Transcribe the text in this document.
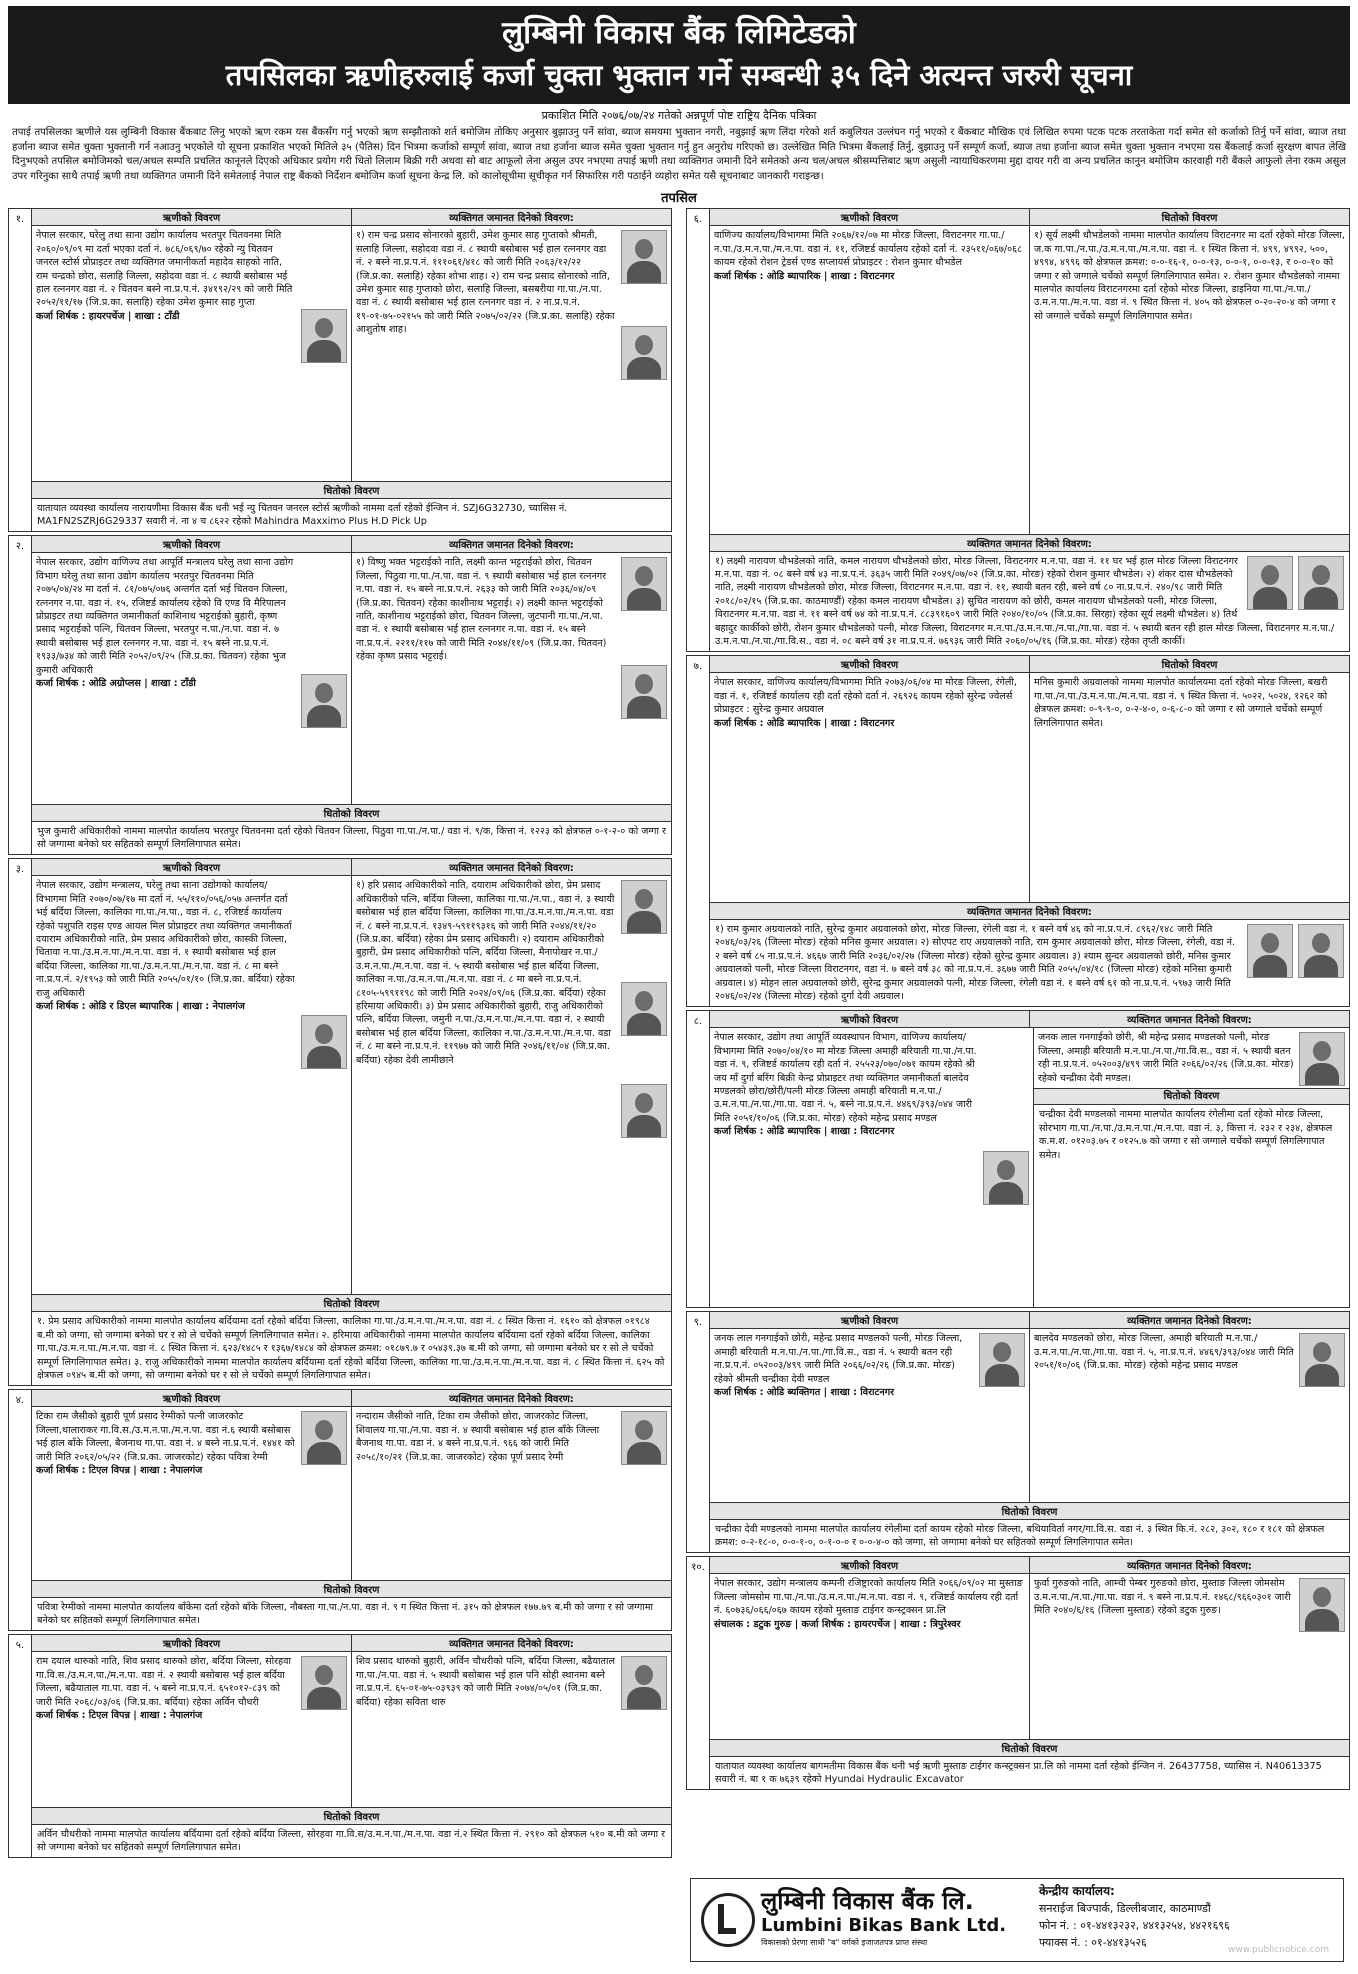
लुम्बिनी विकास बैंक लिमिटेडको
तपसिलका ऋणीहरुलाई कर्जा चुक्ता भुक्तान गर्ने सम्बन्धी ३५ दिने अत्यन्त जरुरी सूचना
प्रकाशित मिति २०७६/०७/२४ गतेको अन्नपूर्ण पोष्ट राष्ट्रिय दैनिक पत्रिका
तपाई तपसिलका ऋणीले यस लुम्बिनी विकास बैंकबाट लिनु भएको ऋण रकम यस बैंकसँग गर्नु भएको ऋण सम्झौताको शर्त बमोजिम तोकिए अनुसार बुझाउनु पर्ने सांवा, ब्याज समयमा भुक्तान नगरी, नबुझाई ऋण लिंदा गरेको शर्त कबुलियत उल्लंघन गर्नु भएको र बैंकबाट मौखिक एवं लिखित रुपमा पटक पटक तरताकेता गर्दा समेत सो कर्जाको तिर्नु पर्ने सांवा, ब्याज तथा हर्जाना ब्याज समेत चुक्ता भुक्तानी गर्न नआउनु भएकोले यो सूचना प्रकाशित भएको मितिले ३५ (पैतिस) दिन भित्रमा कर्जाको सम्पूर्ण सांवा, ब्याज तथा हर्जाना ब्याज समेत चुक्ता भुक्तान गर्नु हुन अनुरोध गरिएको छ। उल्लेखित मिति भित्रमा बैंकलाई तिर्नु, बुझाउनु पर्ने सम्पूर्ण कर्जा, ब्याज तथा हर्जाना ब्याज समेत चुक्ता भुक्तान नभएमा यस बैंकलाई कर्जा सुरक्षण बापत लेखि दिनुभएको तपसिल बमोजिमको चल/अचल सम्पति प्रचलित कानूनले दिएको अधिकार प्रयोग गरी धितो लिलाम बिक्री गरी अथवा सो बाट आफूलो लेना असुल उपर नभएमा तपाई ऋणी तथा व्यक्तिगत जमानी दिने समेतको अन्य चल/अचल श्रीसम्पत्तिबाट ऋण असुली न्यायाधिकरणमा मुद्दा दायर गरी वा अन्य प्रचलित कानुन बमोजिम कारवाही गरी बैंकले आफुलो लेना रकम असुल उपर गरिनुका साथै तपाई ऋणी तथा व्यक्तिगत जमानी दिने समेतलाई नेपाल राष्ट्र बैंकको निर्देशन बमोजिम कर्जा सूचना केन्द्र लि. को कालोसूचीमा सूचीकृत गर्न सिफारिस गरी पठाईने व्यहोरा समेत यसै सूचनाबाट जानकारी गराइन्छ।
तपसिल
१.	ऋणीको विवरण	व्यक्तिगत जमानत दिनेको विवरण:
नेपाल सरकार, घरेलु तथा साना उद्योग कार्यालय भरतपुर चितवनमा मिति २०६०/०९/०९ मा दर्ता भएका दर्ता नं. ७८६/०६९/७० रहेको न्यु चितवन जनरल स्टोर्स प्रोप्राइटर तथा व्यक्तिगत जमानीकर्ता महादेव साहको नाति, राम चन्द्रको छोरा, सलाहि जिल्ला, सहोदवा वडा नं. ८ स्थायी बसोबास भई हाल रत्ननगर वडा नं. २ चितवन बस्ने ना.प्र.प.नं. ३४१९२/२९ को जारी मिति २०५२/११/१७ (जि.प्र.का. सलाहि) रहेका उमेश कुमार साह गुप्ता
कर्जा शिर्षक : हायरपर्चेज | शाखा : टाँडी
१) राम चन्द्र प्रसाद सोनारको बुहारी, उमेश कुमार साह गुप्ताको श्रीमती, सलाहि जिल्ला, सहोदवा वडा नं. ८ स्थायी बसोबास भई हाल रत्ननगर वडा नं. २ बस्ने ना.प्र.प.नं. १११०६१/४१८ को जारी मिति २०६३/१२/२२ (जि.प्र.का. सलाहि) रहेका शोभा शाह। २) राम चन्द्र प्रसाद सोनारको नाति, उमेश कुमार साह गुप्ताको छोरा, सलाहि जिल्ला, बसबरीया गा.पा./न.पा. वडा नं. ८ स्थायी बसोबास भई हाल रत्ननगर वडा नं. २ ना.प्र.प.नं. १९-०१-७५-०२१५५ को जारी मिति २०७५/०२/२२ (जि.प्र.का. सलाहि) रहेका आशुतोष शाह।
धितोको विवरण
यातायात व्यवस्था कार्यालय नारायणीमा विकास बैंक धनी भई न्यु चितवन जनरल स्टोर्स ऋणीको नाममा दर्ता रहेको ईन्जिन नं. SZJ6G32730, च्यासिस नं. MA1FN2SZRJ6G29337 सवारी नं. ना ४ च ८६२२ रहेको Mahindra Maxximo Plus H.D Pick Up
२.	ऋणीको विवरण	व्यक्तिगत जमानत दिनेको विवरण:
नेपाल सरकार, उद्योग वाणिज्य तथा आपूर्ति मन्त्रालय घरेलु तथा साना उद्योग विभाग घरेलु तथा साना उद्योग कार्यालय भरतपुर चितवनमा मिति २०७५/०४/२४ मा दर्ता नं. ८१/०७५/०७६ अन्तर्गत दर्ता भई चितवन जिल्ला, रत्ननगर न.पा. वडा नं. १५, रजिष्टर्ड कार्यालय रहेको वि एण्ड वि मैरिपालन प्रोप्राइटर तथा व्यक्तिगत जमानीकर्ता काशिनाथ भट्टराईको बुहारी, कृष्ण प्रसाद भट्टराईको पत्नि, चितवन जिल्ला, भरतपुर न.पा./न.पा. वडा नं. ७ स्थायी बसोबास भई हाल रत्ननगर न.पा. वडा नं. १५ बस्ने ना.प्र.प.नं. १९३३/७३४ को जारी मिति २०५२/०९/२५ (जि.प्र.का. चितवन) रहेका भुज कुमारी अधिकारी
कर्जा शिर्षक : ओडि अग्रोप्लस | शाखा : टाँडी
१) विष्णु भक्त भट्टराईको नाति, लक्ष्मी कान्त भट्टराईको छोरा, चितवन जिल्ला, पिठुवा गा.पा./न.पा. वडा नं. ९ स्थायी बसोबास भई हाल रत्ननगर न.पा. वडा नं. १५ बस्ने ना.प्र.प.नं. २६३३ को जारी मिति २०३६/०४/०९ (जि.प्र.का. चितवन) रहेका काशीनाथ भट्टराई। २) लक्ष्मी कान्त भट्टराईको नाति, काशीनाथ भट्टराईको छोरा, चितवन जिल्ला, जुटपानी गा.पा./न.पा. वडा नं. १ स्थायी बसोबास भई हाल रत्ननगर न.पा. वडा नं. १५ बस्ने ना.प्र.प.नं. २२११/११७ को जारी मिति २०४४/११/०९ (जि.प्र.का. चितवन) रहेका कृष्ण प्रसाद भट्टराई।
धितोको विवरण
भुज कुमारी अधिकारीको नाममा मालपोत कार्यालय भरतपुर चितवनमा दर्ता रहेको चितवन जिल्ला, पिठुवा गा.पा./न.पा./ वडा नं. ९/क, कित्ता नं. १२२३ को क्षेत्रफल ०-१-२-० को जग्गा र सो जग्गामा बनेको घर सहितको सम्पूर्ण लिगलिगापात समेत।
३.	ऋणीको विवरण	व्यक्तिगत जमानत दिनेको विवरण:
नेपाल सरकार, उद्योग मन्त्रालय, घरेलु तथा साना उद्योगको कार्यालय/विभागमा मिति २०७०/०७/१७ मा दर्ता नं. ५५/११०/०५६/०५७ अन्तर्गत दर्ता भई बर्दिया जिल्ला, कालिका गा.पा./न.पा., वडा नं. ८, रजिष्टर्ड कार्यालय रहेको पशुपति राइस एण्ड आयल मिल प्रोप्राइटर तथा व्यक्तिगत जमानीकर्ता दयाराम अधिकारीको नाति, प्रेम प्रसाद अधिकारीको छोरा, कास्की जिल्ला, धितावा न.पा./उ.म.न.पा./म.न.पा. वडा नं. १ स्थायी बसोबास भई हाल बर्दिया जिल्ला, कालिका गा.पा./उ.म.न.पा./म.न.पा. वडा नं. ८ मा बस्ने ना.प्र.प.नं. २/१९५३ को जारी मिति २०५५/०१/१० (जि.प्र.का. बर्दिया) रहेका राजु अधिकारी
कर्जा शिर्षक : ओडि र डिएल ब्यापारिक | शाखा : नेपालगंज
१) हरि प्रसाद अधिकारीको नाति, दयाराम अधिकारीको छोरा, प्रेम प्रसाद अधिकारीको पत्नि, बर्दिया जिल्ला, कालिका गा.पा./न.पा., वडा नं. ३ स्थायी बसोबास भई हाल बर्दिया जिल्ला, कालिका गा.पा./उ.म.न.पा./म.न.पा. वडा नं. ८ बस्ने ना.प्र.प.नं. १३४९-५९११९३१६ को जारी मिति २०४४/११/२० (जि.प्र.का. बर्दिया) रहेका प्रेम प्रसाद अधिकारी। २) दयाराम अधिकारीको बुहारी, प्रेम प्रसाद अधिकारीको पत्नि, बर्दिया जिल्ला, मैनापोखर न.पा./उ.म.न.पा./म.न.पा. वडा नं. ५ स्थायी बसोबास भई हाल बर्दिया जिल्ला, कालिका न.पा./उ.म.न.पा./म.न.पा. वडा नं. ८ मा बस्ने ना.प्र.प.नं. ८१०५-५९९११९८ को जारी मिति २०२४/०९/०६ (जि.प्र.का. बर्दिया) रहेका हरिमाया अधिकारी। ३) प्रेम प्रसाद अधिकारीको बुहारी, राजु अधिकारीको पत्नि, बर्दिया जिल्ला, जमुनी न.पा./उ.म.न.पा./म.न.पा. वडा नं. २ स्थायी बसोबास भई हाल बर्दिया जिल्ला, कालिका न.पा./उ.म.न.पा./म.न.पा. वडा नं. ८ मा बस्ने ना.प्र.प.नं. ११९७७ को जारी मिति २०४६/११/०४ (जि.प्र.का. बर्दिया) रहेका देवी लामीछाने
धितोको विवरण
१. प्रेम प्रसाद अधिकारीको नाममा मालपोत कार्यालय बर्दियामा दर्ता रहेको बर्दिया जिल्ला, कालिका गा.पा./उ.म.न.पा./म.न.पा. वडा नं. ८ स्थित कित्ता नं. १६१० को क्षेत्रफल ०१९८४ ब.मी को जग्गा, सो जग्गामा बनेको घर र सो ले चर्चेको सम्पूर्ण लिगलिगापात समेत। २. हरिमाया अधिकारीको नाममा मालपोत कार्यालय बर्दियामा दर्ता रहेको बर्दिया जिल्ला, कालिका गा.पा./उ.म.न.पा./म.न.पा. वडा नं. ८ स्थित कित्ता नं. ६२३/१४८५ र १३६७/१४८४ को क्षेत्रफल क्रमश: ०१८७९.७ र ०५४३९.३७ ब.मी को जग्गा, सो जग्गामा बनेको घर र सो ले चर्चेको सम्पूर्ण लिगलिगापात समेत। ३. राजु अधिकारीको नाममा मालपोत कार्यालय बर्दियामा दर्ता रहेको बर्दिया जिल्ला, कालिका गा.पा./उ.म.न.पा./म.न.पा. वडा नं. ८ स्थित कित्ता नं. ६२५ को क्षेत्रफल ०९४५ ब.मी को जग्गा, सो जग्गामा बनेको घर र सो ले चर्चेको सम्पूर्ण लिगलिगापात समेत।
४.	ऋणीको विवरण	व्यक्तिगत जमानत दिनेको विवरण:
टिका राम जैसीको बुहारी पूर्ण प्रसाद रेग्मीको पत्नी जाजरकोट जिल्ला,थालाराकर गा.वि.स./उ.म.न.पा./म.न.पा. वडा नं.६ स्थायी बसोबास भई हाल बाँके जिल्ला, बैजनाथ गा.पा. वडा नं. ४ बस्ने ना.प्र.प.नं. १४४१ को जारी मिति २०६२/०५/२२ (जि.प्र.का. जाजरकोट) रहेका पवित्रा रेग्मी
कर्जा शिर्षक : टिएल विपन्न | शाखा : नेपालगंज
नन्दाराम जैसीको नाति, टिका राम जैसीको छोरा, जाजरकोट जिल्ला, शिवालय गा.पा./न.पा. वडा नं. ४ स्थायी बसोबास भई हाल बाँके जिल्ला बैजनाथ गा.पा. वडा नं. ४ बस्ने ना.प्र.प.नं. ९६६ को जारी मिति २०५८/१०/२१ (जि.प्र.का. जाजरकोट) रहेका पूर्ण प्रसाद रेग्मी
धितोको विवरण
पवित्रा रेग्मीको नाममा मालपोत कार्यालय बाँकेमा दर्ता रहेको बाँके जिल्ला, नौबस्ता गा.पा./न.पा. वडा नं. ९ ग स्थित कित्ता नं. ३१५ को क्षेत्रफल १७७.७९ ब.मी को जग्गा र सो जग्गामा बनेको घर सहितको सम्पूर्ण लिगलिगापात समेत।
५.	ऋणीको विवरण	व्यक्तिगत जमानत दिनेको विवरण:
राम दयाल थारुको नाति, शिव प्रसाद थारुको छोरा, बर्दिया जिल्ला, सोरहवा गा.वि.स./उ.म.न.पा./म.न.पा. वडा नं. २ स्थायी बसोबास भई हाल बर्दिया जिल्ला, बढैयाताल गा.पा. वडा नं. ५ बस्ने ना.प्र.प.नं. ६५१०१२-८३९ को जारी मिति २०६८/०३/०६ (जि.प्र.का. बर्दिया) रहेका अर्विन चौधरी
कर्जा शिर्षक : टिएल विपन्न | शाखा : नेपालगंज
शिव प्रसाद थारुको बुहारी, अर्विन चौधरीको पत्नि, बर्दिया जिल्ला, बढैयाताल गा.पा./न.पा. वडा नं. ५ स्थायी बसोबास भई हाल पनि सोही स्थानमा बस्ने ना.प्र.प.नं. ६५-०१-७५-०३९३९ को जारी मिति २०७४/०५/०१ (जि.प्र.का. बर्दिया) रहेका सविता थारु
धितोको विवरण
अर्विन चौधरीको नाममा मालपोत कार्यालय बर्दियामा दर्ता रहेको बर्दिया जिल्ला, सोरहवा गा.वि.स/उ.म.न.पा./म.न.पा. वडा नं.२ स्थित कित्ता नं. २९१० को क्षेत्रफल ५१० ब.मी को जग्गा र सो जग्गामा बनेको घर सहितको सम्पूर्ण लिगलिगापात समेत।
६.	ऋणीको विवरण	धितोको विवरण
वाणिज्य कार्यालय/विभागमा मिति २०६७/१२/०७ मा मोरङ जिल्ला, विराटनगर गा.पा./न.पा./उ.म.न.पा./म.न.पा. वडा नं. ११, रजिष्टर्ड कार्यालय रहेको दर्ता नं. २३५११/०६७/०६८ कायम रहेको रोशन ट्रेडर्स एण्ड सप्लायर्स प्रोप्राइटर : रोशन कुमार धौभडेल
कर्जा शिर्षक : ओडि ब्यापारिक | शाखा : विराटनगर
१) सूर्य लक्ष्मी धौभडेलको नाममा मालपोत कार्यालय विराटनगर मा दर्ता रहेको मोरङ जिल्ला, ज.क गा.पा./न.पा./उ.म.न.पा./म.न.पा. वडा नं. १ स्थित कित्ता नं. ४९९, ४९९२, ५००, ४९९४, ४९९६ को क्षेत्रफल क्रमश: ०-०-१६-१, ०-०-१३, ०-०-१, ०-०-१३, र ०-०-१० को जग्गा र सो जग्गाले चर्चेको सम्पूर्ण लिगलिगापात समेत। २. रोशन कुमार धौभडेलको नाममा मालपोत कार्यालय विराटनगरमा दर्ता रहेको मोरङ जिल्ला, डाइनिया गा.पा./न.पा./उ.म.न.पा./म.न.पा. वडा नं. ९ स्थित कित्ता नं. ४०५ को क्षेत्रफल ०-२०-२०-४ को जग्गा र सो जग्गाले चर्चेको सम्पूर्ण लिगलिगापात समेत।
व्यक्तिगत जमानत दिनेको विवरण:
१) लक्ष्मी नारायण धौभडेलको नाति, कमल नारायण धौभडेलको छोरा, मोरङ जिल्ला, विराटनगर म.न.पा. वडा नं. ११ घर भई हाल मोरङ जिल्ला विराटनगर म.न.पा. वडा नं. ०८ बस्ने वर्ष ४३ ना.प्र.प.नं. ३६३५ जारी मिति २०४९/०७/०२ (जि.प्र.का. मोरङ) रहेको रोशन कुमार धौभडेल। २) शंकर दास धौभडेलको नाति, लक्ष्मी नारायण धौभडेलको छोरा, मोरङ जिल्ला, विराटनगर म.न.पा. वडा नं. ११, स्थायी बतन रही, बस्ने वर्ष ८० ना.प्र.प.नं. २४०/९८ जारी मिति २०१८/०२/१५ (जि.प्र.का. काठमाण्डौं) रहेका कमल नारायण धौभडेल। ३) सुचित नारायण को छोरी, कमल नारायण धौभडेलको पत्नी, मोरङ जिल्ला, विराटनगर म.न.पा. वडा नं. ११ बस्ने वर्ष ७४ को ना.प्र.प.नं. ८८३९१६०९ जारी मिति २०४०/१०/०५ (जि.प्र.का. सिरहा) रहेका सूर्य लक्ष्मी धौभडेल। ४) तिर्थ बहादुर कार्कीको छोरी, रोशन कुमार धौभडेलको पत्नी, मोरङ जिल्ला, विराटनगर म.न.पा./उ.म.न.पा./न.पा./गा.पा. वडा नं. ५ स्थायी बतन रही हाल मोरङ जिल्ला, विराटनगर म.न.पा./उ.म.न.पा./न.पा./गा.वि.स., वडा नं. ०८ बस्ने वर्ष ३१ ना.प्र.प.नं. ७६९३६ जारी मिति २०६०/०५/१६ (जि.प्र.का. मोरङ) रहेका तृप्ती कार्की।
७.	ऋणीको विवरण	धितोको विवरण
नेपाल सरकार, वाणिज्य कार्यालय/विभागमा मिति २०७३/०६/०४ मा मोरङ जिल्ला, रंगेली, वडा नं. १, रजिष्टर्ड कार्यालय रही दर्ता रहेको दर्ता नं. २६९२६ कायम रहेको सुरेन्द्र ज्वेलर्स प्रोप्राइटर : सुरेन्द्र कुमार अग्रवाल
कर्जा शिर्षक : ओडि ब्यापारिक | शाखा : विराटनगर
मनिस कुमारी अग्रवालको नाममा मालपोत कार्यालयमा दर्ता रहेको मोरङ जिल्ला, बखरी गा.पा./न.पा./उ.म.न.पा./म.न.पा. वडा नं. ९ स्थित कित्ता नं. ५०२२, ५०२४, १२६२ को क्षेत्रफल क्रमश: ०-९-९-०, ०-२-४-०, ०-६-८-० को जग्गा र सो जग्गाले चर्चेको सम्पूर्ण लिगलिगापात समेत।
व्यक्तिगत जमानत दिनेको विवरण:
१) राम कुमार अग्रवालको नाति, सुरेन्द्र कुमार अग्रवालको छोरा, मोरङ जिल्ला, रंगेली वडा नं. १ बस्ने वर्ष ४६ को ना.प्र.प.नं. ८९६२/१४८ जारी मिति २०४६/०३/२६ (जिल्ला मोरङ) रहेको मनिस कुमार अग्रवाल। २) सोएपट राए अग्रवालको नाति, राम कुमार अग्रवालको छोरा, मोरङ जिल्ला, रंगेली, वडा नं. २ बस्ने वर्ष ८५ ना.प्र.प.नं. ४६६७ जारी मिति २०३६/०२/२७ (जिल्ला मोरङ) रहेको सुरेन्द्र कुमार अग्रवाल। ३) श्याम सुन्दर अग्रवालको छोरी, मनिस कुमार अग्रवालको पत्नी, मोरङ जिल्ला विराटनगर, वडा नं. ७ बस्ने वर्ष ३८ को ना.प्र.प.नं. ३६७७ जारी मिति २०५५/०४/१८ (जिल्ला मोरङ) रहेको मनिसा कुमारी अग्रवाल। ४) मोहन लाल अग्रवालको छोरी, सुरेन्द्र कुमार अग्रवालको पत्नी, मोरङ जिल्ला, रंगेली वडा नं. १ बस्ने वर्ष ६१ को ना.प्र.प.नं. ५९७३ जारी मिति २०४६/०२/२४ (जिल्ला मोरङ) रहेको दुर्गा देवी अग्रवाल।
८.	ऋणीको विवरण	व्यक्तिगत जमानत दिनेको विवरण:
नेपाल सरकार, उद्योग तथा आपूर्ति व्यवस्थापन विभाग, वाणिज्य कार्यालय/विभागमा मिति २०७०/०४/१० मा मोरङ जिल्ला अमाही बरियाती गा.पा./न.पा. वडा नं. ९, रजिष्टर्ड कार्यालय रही दर्ता नं. २५५२३/०७०/०७१ कायम रहेको श्री जय माँ दुर्गा बरिंग बिक्री केन्द्र प्रोप्राइटर तथा व्यक्तिगत जमानीकर्ता बालदेव मण्डलको छोरा/छोरी/पत्नी मोरङ जिल्ला अमाही बरियाती म.न.पा./उ.म.न.पा./न.पा./गा.पा. वडा नं. ५, बस्ने ना.प्र.प.नं. ४४६९/३९३/०४४ जारी मिति २०५१/१०/०६ (जि.प्र.का. मोरङ) रहेको महेन्द्र प्रसाद मण्डल
कर्जा शिर्षक : ओडि ब्यापारिक | शाखा : विराटनगर
जनक लाल गनगाईको छोरी, श्री महेन्द्र प्रसाद मण्डलको पत्नी, मोरङ जिल्ला, अमाही बरियाती म.न.पा./न.पा./गा.वि.स., वडा नं. ५ स्थायी बतन रही ना.प्र.प.नं. ०५२००३/४९९ जारी मिति २०६६/०२/२६ (जि.प्र.का. मोरङ) रहेको चन्द्रीका देवी मण्डल।
धितोको विवरण
चन्द्रीका देवी मण्डलको नाममा मालपोत कार्यालय रंगेलीमा दर्ता रहेको मोरङ जिल्ला, सोरभाग गा.पा./न.पा./उ.म.न.पा./म.न.पा. वडा नं. ३, कित्ता नं. २३२ र २३४, क्षेत्रफल क.म.श. ०१२०३.७५ र ०१२५.७ को जग्गा र सो जग्गाले चर्चेको सम्पूर्ण लिगलिगापात समेत।
९.	ऋणीको विवरण	व्यक्तिगत जमानत दिनेको विवरण:
जनक लाल गनगाईको छोरी, महेन्द्र प्रसाद मण्डलको पत्नी, मोरङ जिल्ला, अमाही बरियाती म.न.पा./न.पा./गा.वि.स., वडा नं. ५ स्थायी बतन रही ना.प्र.प.नं. ०५२००३/४९९ जारी मिति २०६६/०२/२६ (जि.प्र.का. मोरङ) रहेको श्रीमती चन्द्रीका देवी मण्डल
कर्जा शिर्षक : ओडि ब्यक्तिगत | शाखा : विराटनगर
बालदेव मण्डलको छोरा, मोरङ जिल्ला, अमाही बरियाती म.न.पा./उ.म.न.पा./न.पा./गा.पा. वडा नं. ५, ना.प्र.प.नं. ४४६९/३९३/०४४ जारी मिति २०५१/१०/०६ (जि.प्र.का. मोरङ) रहेको महेन्द्र प्रसाद मण्डल
धितोको विवरण
चन्द्रीका देवी मण्डलको नाममा मालपोत कार्यालय रंगेलीमा दर्ता कायम रहेको मोरङ जिल्ला, बथियाविर्ता नगर/गा.वि.स. वडा नं. ३ स्थित कि.नं. २८२, ३०२, १८० र १८१ को क्षेत्रफल क्रमश: ०-२-१८-०, ०-०-१-०, ०-१-०-० र ०-०-४-० को जग्गा, सो जग्गामा बनेको घर सहितको सम्पूर्ण लिगलिगापात समेत।
१०.	ऋणीको विवरण	व्यक्तिगत जमानत दिनेको विवरण:
नेपाल सरकार, उद्योग मन्त्रालय कम्पनी रजिष्ट्रारको कार्यालय मिति २०६६/०९/०२ मा मुस्ताङ जिल्ला जोमसोम गा.पा./न.पा./उ.म.न.पा./म.न.पा. वडा नं. ९, रजिष्टर्ड कार्यालय रही दर्ता नं. ६०७३६/०६६/०६७ कायम रहेको मुस्ताङ टाईगर कन्स्ट्रक्सन प्रा.लि
संचालक : डटुक गुरुङ | कर्जा शिर्षक : हायरपर्चेज | शाखा : त्रिपुरेश्वर
फुर्वा गुरुङको नाति, आम्ची पेम्बर गुरुङको छोरा, मुस्ताङ जिल्ला जोमसोम उ.म.न.पा./न.पा./गा.पा. वडा नं. ९ बस्ने ना.प्र.प.नं. १४६८/९६६०३०१ जारी मिति २०४०/६/१६ (जिल्ला मुस्ताङ) रहेको डटुक गुरुङ।
धितोको विवरण
यातायात व्यवस्था कार्यालय बागमतीमा विकास बैंक धनी भई ऋणी मुस्ताङ टाईगर कन्स्ट्रक्सन प्रा.लि को नाममा दर्ता रहेको ईन्जिन नं. 26437758, च्यासिस नं. N40613375 सवारी नं. बा १ क ७६३९ रहेको Hyundai Hydraulic Excavator
लुम्बिनी विकास बैंक लि.
Lumbini Bikas Bank Ltd.
विकासको प्रेरणा साथी "ब" वर्गको इजाजतपत्र प्राप्त संस्था
केन्द्रीय कार्यालय:
सनराईज बिज्पार्क, डिल्लीबजार, काठमाण्डौं
फोन नं. : ०१-४४१३२३२, ४४१३२५४, ४४२१६९६
फ्याक्स नं. : ०१-४४१३५२६
www.publicnotice.com
